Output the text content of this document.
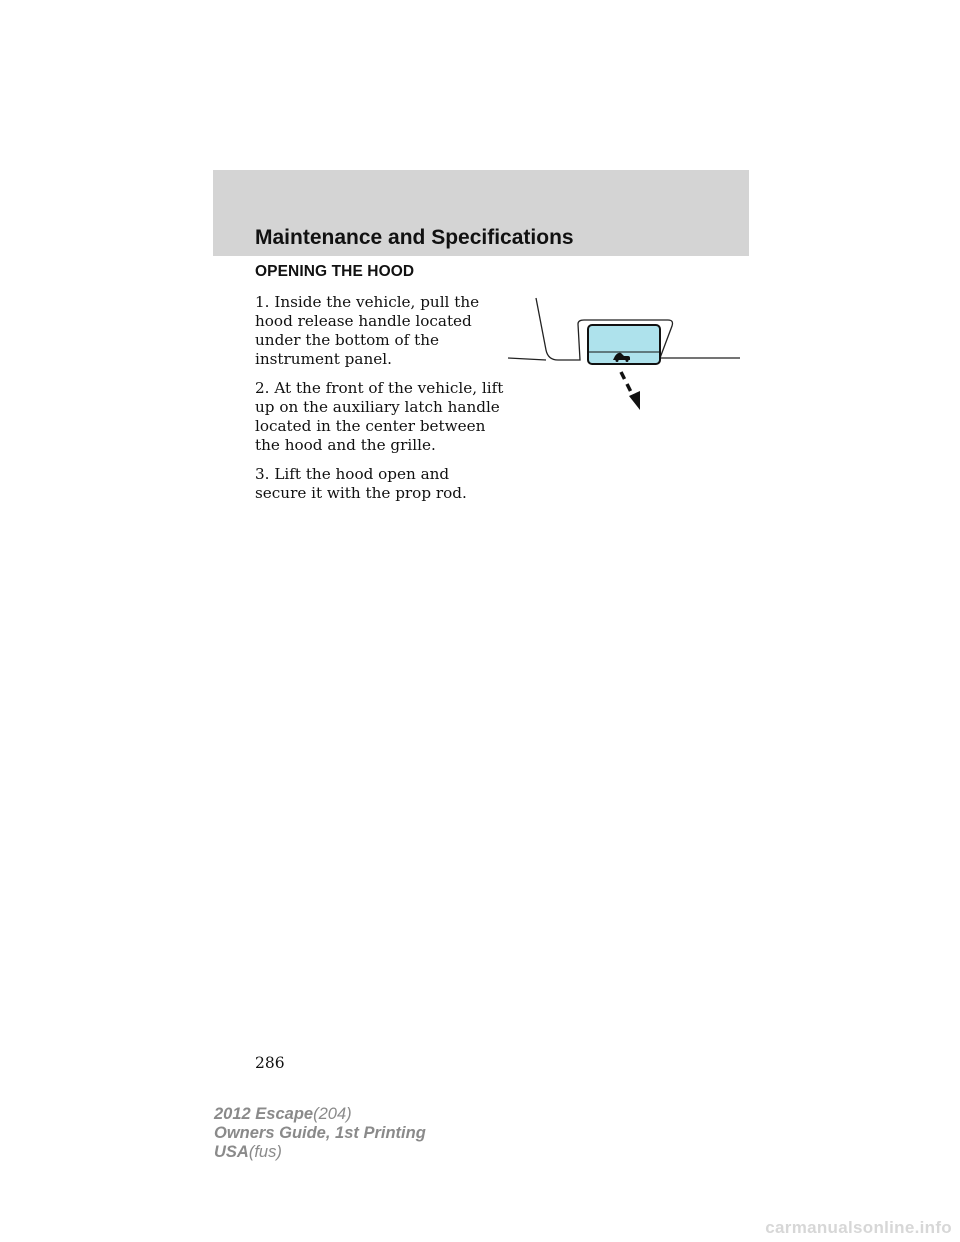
Maintenance and Specifications
OPENING THE HOOD

1. Inside the vehicle, pull the hood release handle located under the bottom of the instrument panel.

2. At the front of the vehicle, lift up on the auxiliary latch handle located in the center between the hood and the grille.

3. Lift the hood open and secure it with the prop rod.

286
2012 Escape(204)
Owners Guide, 1st Printing
USA(fus)
carmanualsonline.info
